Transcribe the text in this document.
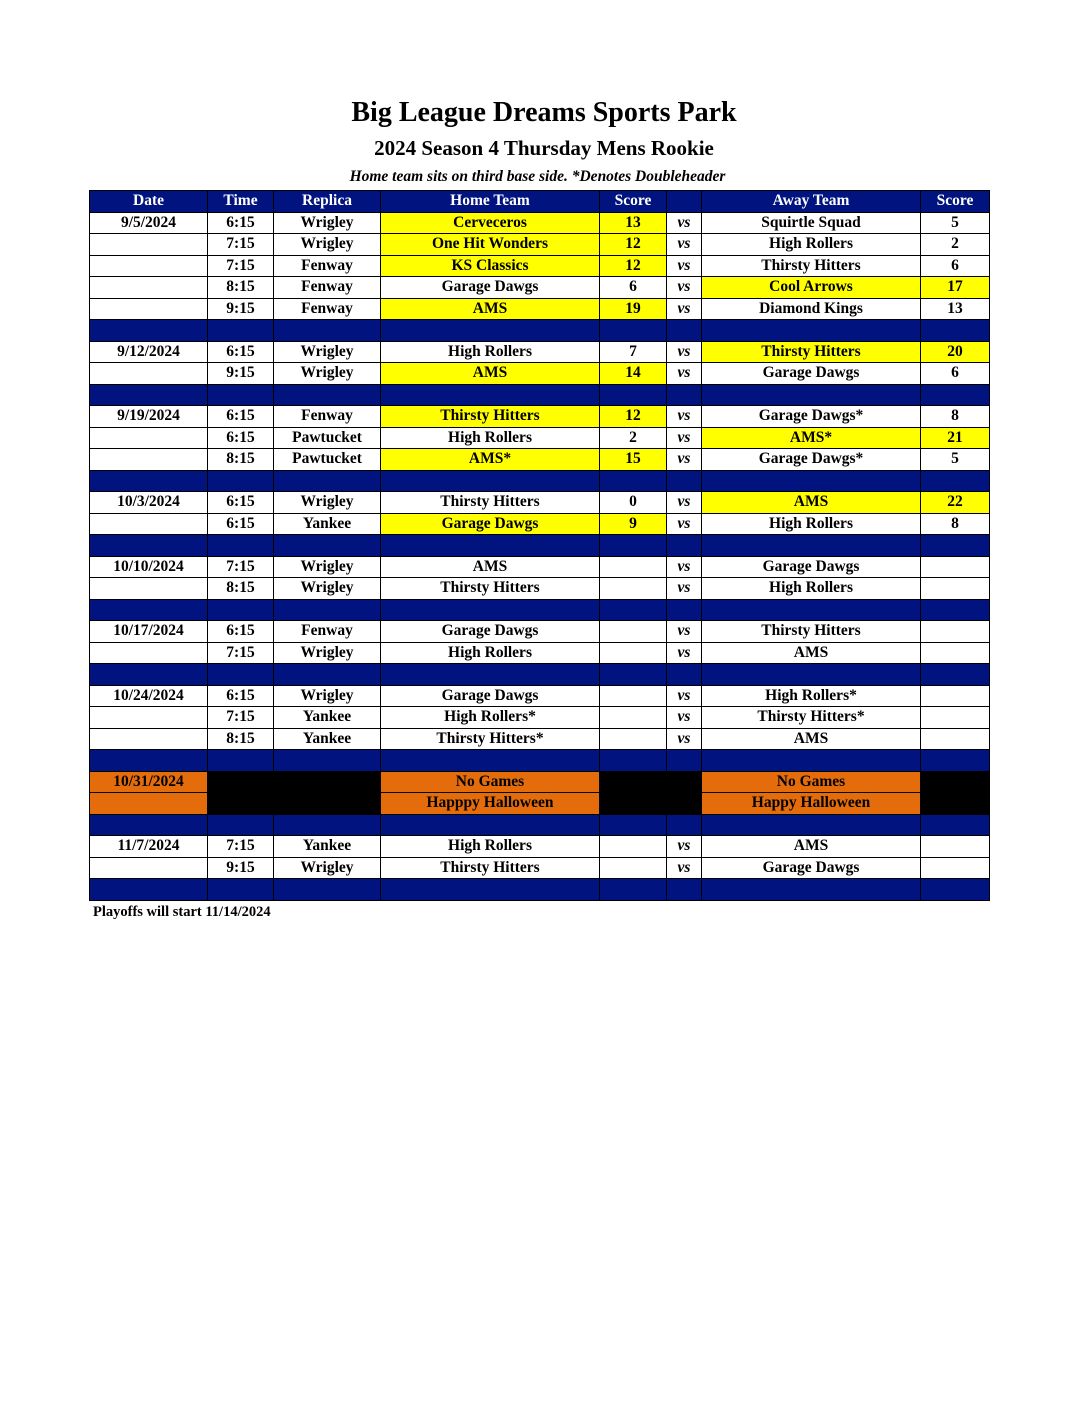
Big League Dreams Sports Park
2024 Season 4 Thursday Mens Rookie
Home team sits on third base side. *Denotes Doubleheader
Date	Time	Replica	Home Team	Score		Away Team	Score
9/5/2024	6:15	Wrigley	Cerveceros	13	vs	Squirtle Squad	5
	7:15	Wrigley	One Hit Wonders	12	vs	High Rollers	2
	7:15	Fenway	KS Classics	12	vs	Thirsty Hitters	6
	8:15	Fenway	Garage Dawgs	6	vs	Cool Arrows	17
	9:15	Fenway	AMS	19	vs	Diamond Kings	13

9/12/2024	6:15	Wrigley	High Rollers	7	vs	Thirsty Hitters	20
	9:15	Wrigley	AMS	14	vs	Garage Dawgs	6

9/19/2024	6:15	Fenway	Thirsty Hitters	12	vs	Garage Dawgs*	8
	6:15	Pawtucket	High Rollers	2	vs	AMS*	21
	8:15	Pawtucket	AMS*	15	vs	Garage Dawgs*	5

10/3/2024	6:15	Wrigley	Thirsty Hitters	0	vs	AMS	22
	6:15	Yankee	Garage Dawgs	9	vs	High Rollers	8

10/10/2024	7:15	Wrigley	AMS		vs	Garage Dawgs	
	8:15	Wrigley	Thirsty Hitters		vs	High Rollers	

10/17/2024	6:15	Fenway	Garage Dawgs		vs	Thirsty Hitters	
	7:15	Wrigley	High Rollers		vs	AMS	

10/24/2024	6:15	Wrigley	Garage Dawgs		vs	High Rollers*	
	7:15	Yankee	High Rollers*		vs	Thirsty Hitters*	
	8:15	Yankee	Thirsty Hitters*		vs	AMS	

10/31/2024			No Games			No Games	
			Happpy Halloween			Happy Halloween	

11/7/2024	7:15	Yankee	High Rollers		vs	AMS	
	9:15	Wrigley	Thirsty Hitters		vs	Garage Dawgs	

Playoffs will start 11/14/2024
